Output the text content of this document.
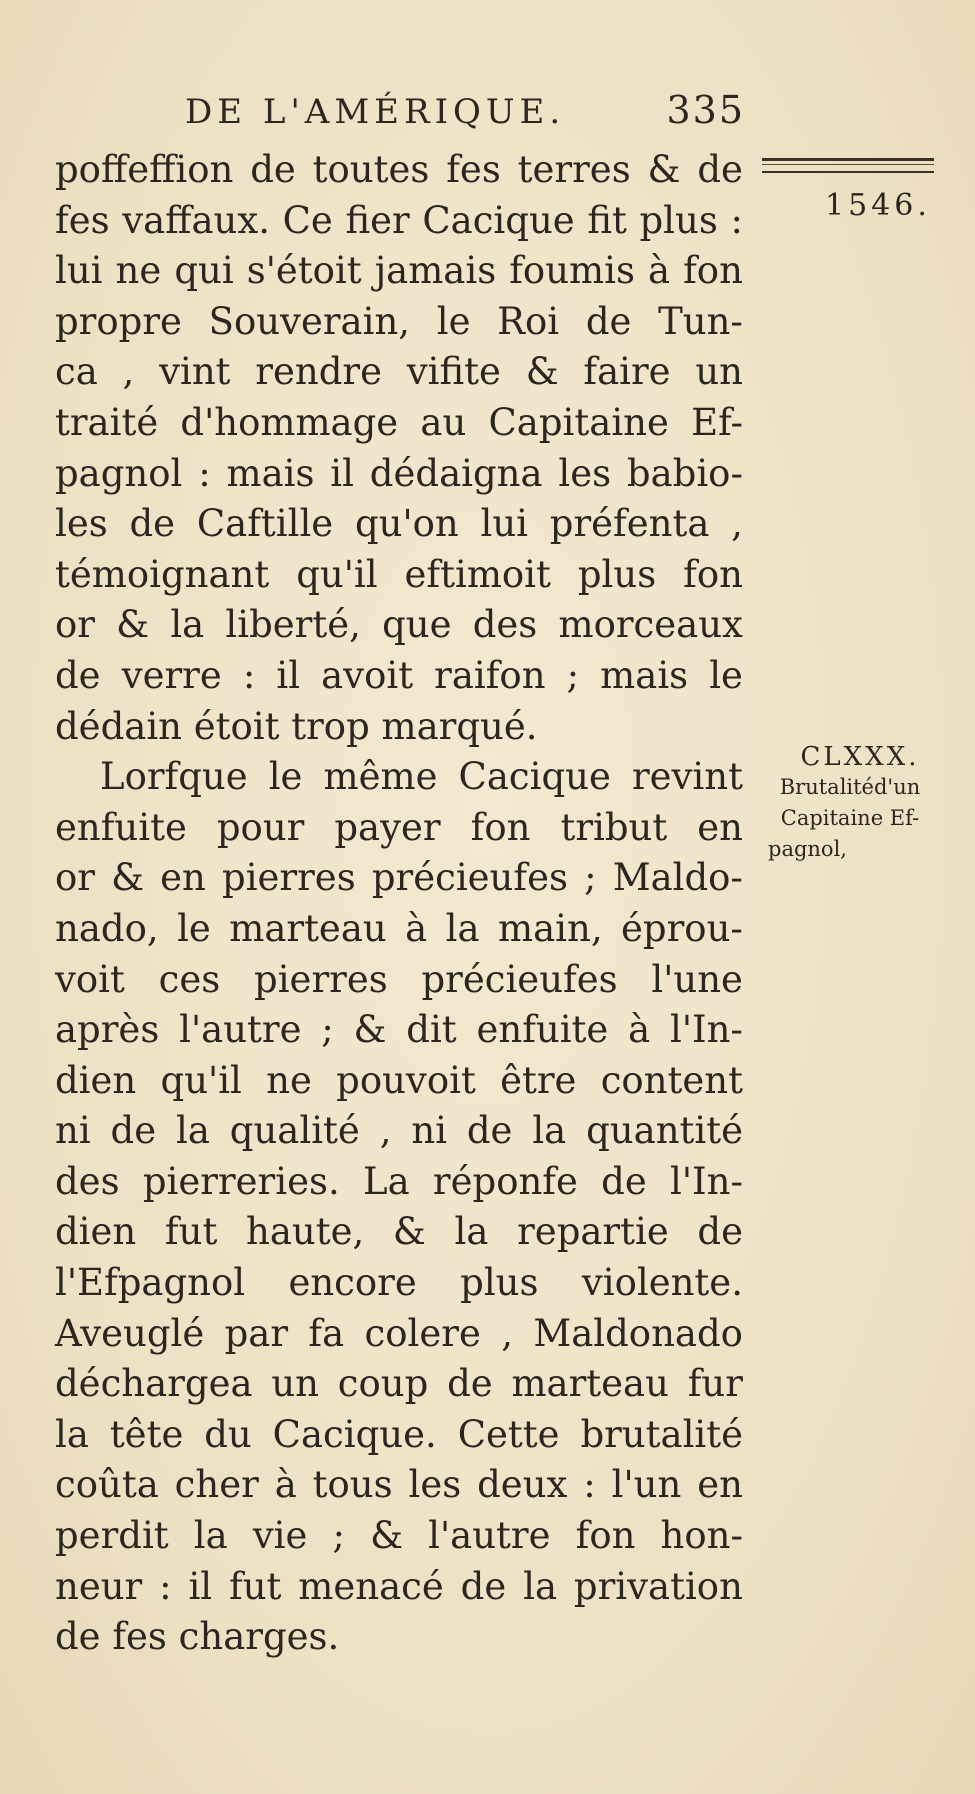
DE L'AMÉRIQUE.	335
1546.
CLXXX.
Brutalitéd'un
Capitaine Ef-
pagnol,
poffeffion de toutes fes terres & de
fes vaffaux. Ce fier Cacique fit plus :
lui ne qui s'étoit jamais foumis à fon
propre Souverain, le Roi de Tun-
ca , vint rendre vifite & faire un
traité d'hommage au Capitaine Ef-
pagnol : mais il dédaigna les babio-
les de Caftille qu'on lui préfenta ,
témoignant qu'il eftimoit plus fon
or & la liberté, que des morceaux
de verre : il avoit raifon ; mais le
dédain étoit trop marqué.
Lorfque le même Cacique revint
enfuite pour payer fon tribut en
or & en pierres précieufes ; Maldo-
nado, le marteau à la main, éprou-
voit ces pierres précieufes l'une
après l'autre ; & dit enfuite à l'In-
dien qu'il ne pouvoit être content
ni de la qualité , ni de la quantité
des pierreries. La réponfe de l'In-
dien fut haute, & la repartie de
l'Efpagnol encore plus violente.
Aveuglé par fa colere , Maldonado
déchargea un coup de marteau fur
la tête du Cacique. Cette brutalité
coûta cher à tous les deux : l'un en
perdit la vie ; & l'autre fon hon-
neur : il fut menacé de la privation
de fes charges.
